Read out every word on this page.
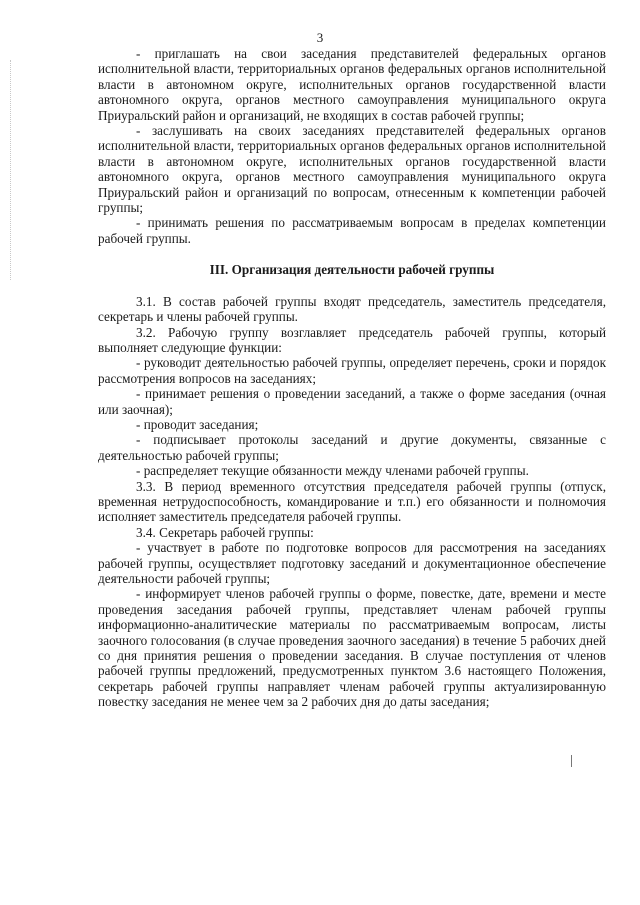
3

- приглашать на свои заседания представителей федеральных органов исполнительной власти, территориальных органов федеральных органов исполнительной власти в автономном округе, исполнительных органов государственной власти автономного округа, органов местного самоуправления муниципального округа Приуральский район и организаций, не входящих в состав рабочей группы;

- заслушивать на своих заседаниях представителей федеральных органов исполнительной власти, территориальных органов федеральных органов исполнительной власти в автономном округе, исполнительных органов государственной власти автономного округа, органов местного самоуправления муниципального округа Приуральский район и организаций по вопросам, отнесенным к компетенции рабочей группы;

- принимать решения по рассматриваемым вопросам в пределах компетенции рабочей группы.

III. Организация деятельности рабочей группы

3.1. В состав рабочей группы входят председатель, заместитель председателя, секретарь и члены рабочей группы.

3.2. Рабочую группу возглавляет председатель рабочей группы, который выполняет следующие функции:

- руководит деятельностью рабочей группы, определяет перечень, сроки и порядок рассмотрения вопросов на заседаниях;

- принимает решения о проведении заседаний, а также о форме заседания (очная или заочная);

- проводит заседания;

- подписывает протоколы заседаний и другие документы, связанные с деятельностью рабочей группы;

- распределяет текущие обязанности между членами рабочей группы.

3.3. В период временного отсутствия председателя рабочей группы (отпуск, временная нетрудоспособность, командирование и т.п.) его обязанности и полномочия исполняет заместитель председателя рабочей группы.

3.4. Секретарь рабочей группы:

- участвует в работе по подготовке вопросов для рассмотрения на заседаниях рабочей группы, осуществляет подготовку заседаний и документационное обеспечение деятельности рабочей группы;

- информирует членов рабочей группы о форме, повестке, дате, времени и месте проведения заседания рабочей группы, представляет членам рабочей группы информационно-аналитические материалы по рассматриваемым вопросам, листы заочного голосования (в случае проведения заочного заседания) в течение 5 рабочих дней со дня принятия решения о проведении заседания. В случае поступления от членов рабочей группы предложений, предусмотренных пунктом 3.6 настоящего Положения, секретарь рабочей группы направляет членам рабочей группы актуализированную повестку заседания не менее чем за 2 рабочих дня до даты заседания;
